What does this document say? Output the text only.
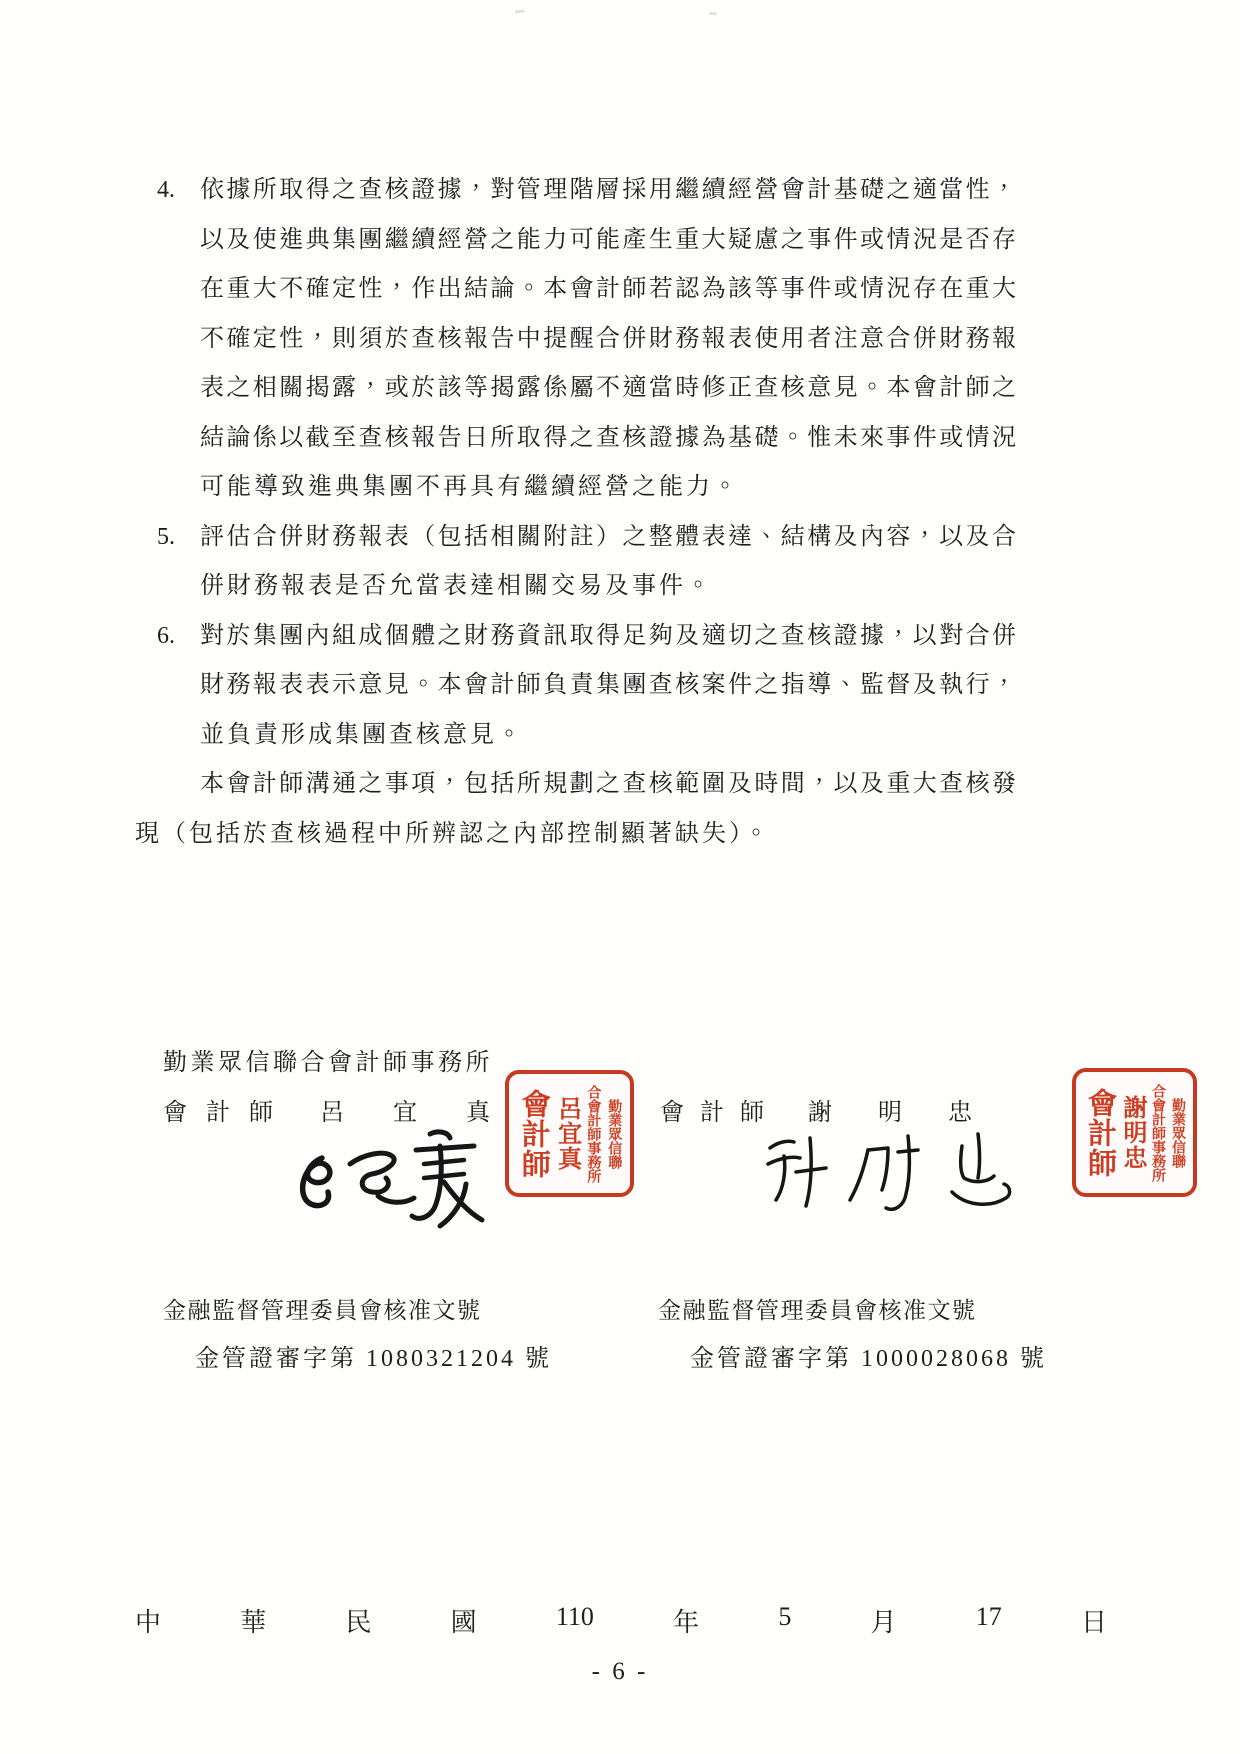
4. 依據所取得之查核證據，對管理階層採用繼續經營會計基礎之適當性，
以及使進典集團繼續經營之能力可能產生重大疑慮之事件或情況是否存
在重大不確定性，作出結論。本會計師若認為該等事件或情況存在重大
不確定性，則須於查核報告中提醒合併財務報表使用者注意合併財務報
表之相關揭露，或於該等揭露係屬不適當時修正查核意見。本會計師之
結論係以截至查核報告日所取得之查核證據為基礎。惟未來事件或情況
可能導致進典集團不再具有繼續經營之能力。
5. 評估合併財務報表（包括相關附註）之整體表達、結構及內容，以及合
併財務報表是否允當表達相關交易及事件。
6. 對於集團內組成個體之財務資訊取得足夠及適切之查核證據，以對合併
財務報表表示意見。本會計師負責集團查核案件之指導、監督及執行，
並負責形成集團查核意見。
本會計師溝通之事項，包括所規劃之查核範圍及時間，以及重大查核發
現（包括於查核過程中所辨認之內部控制顯著缺失）。
勤業眾信聯合會計師事務所
會計師 呂宜真	會計師 謝明忠
勤業眾信聯
合會計師事務所
呂宜真
會計師	勤業眾信聯
合會計師事務所
謝明忠
會計師
金融監督管理委員會核准文號
金管證審字第 1080321204 號
金融監督管理委員會核准文號
金管證審字第 1000028068 號
中	華	民	國	110	年	5	月	17	日
- 6 -
